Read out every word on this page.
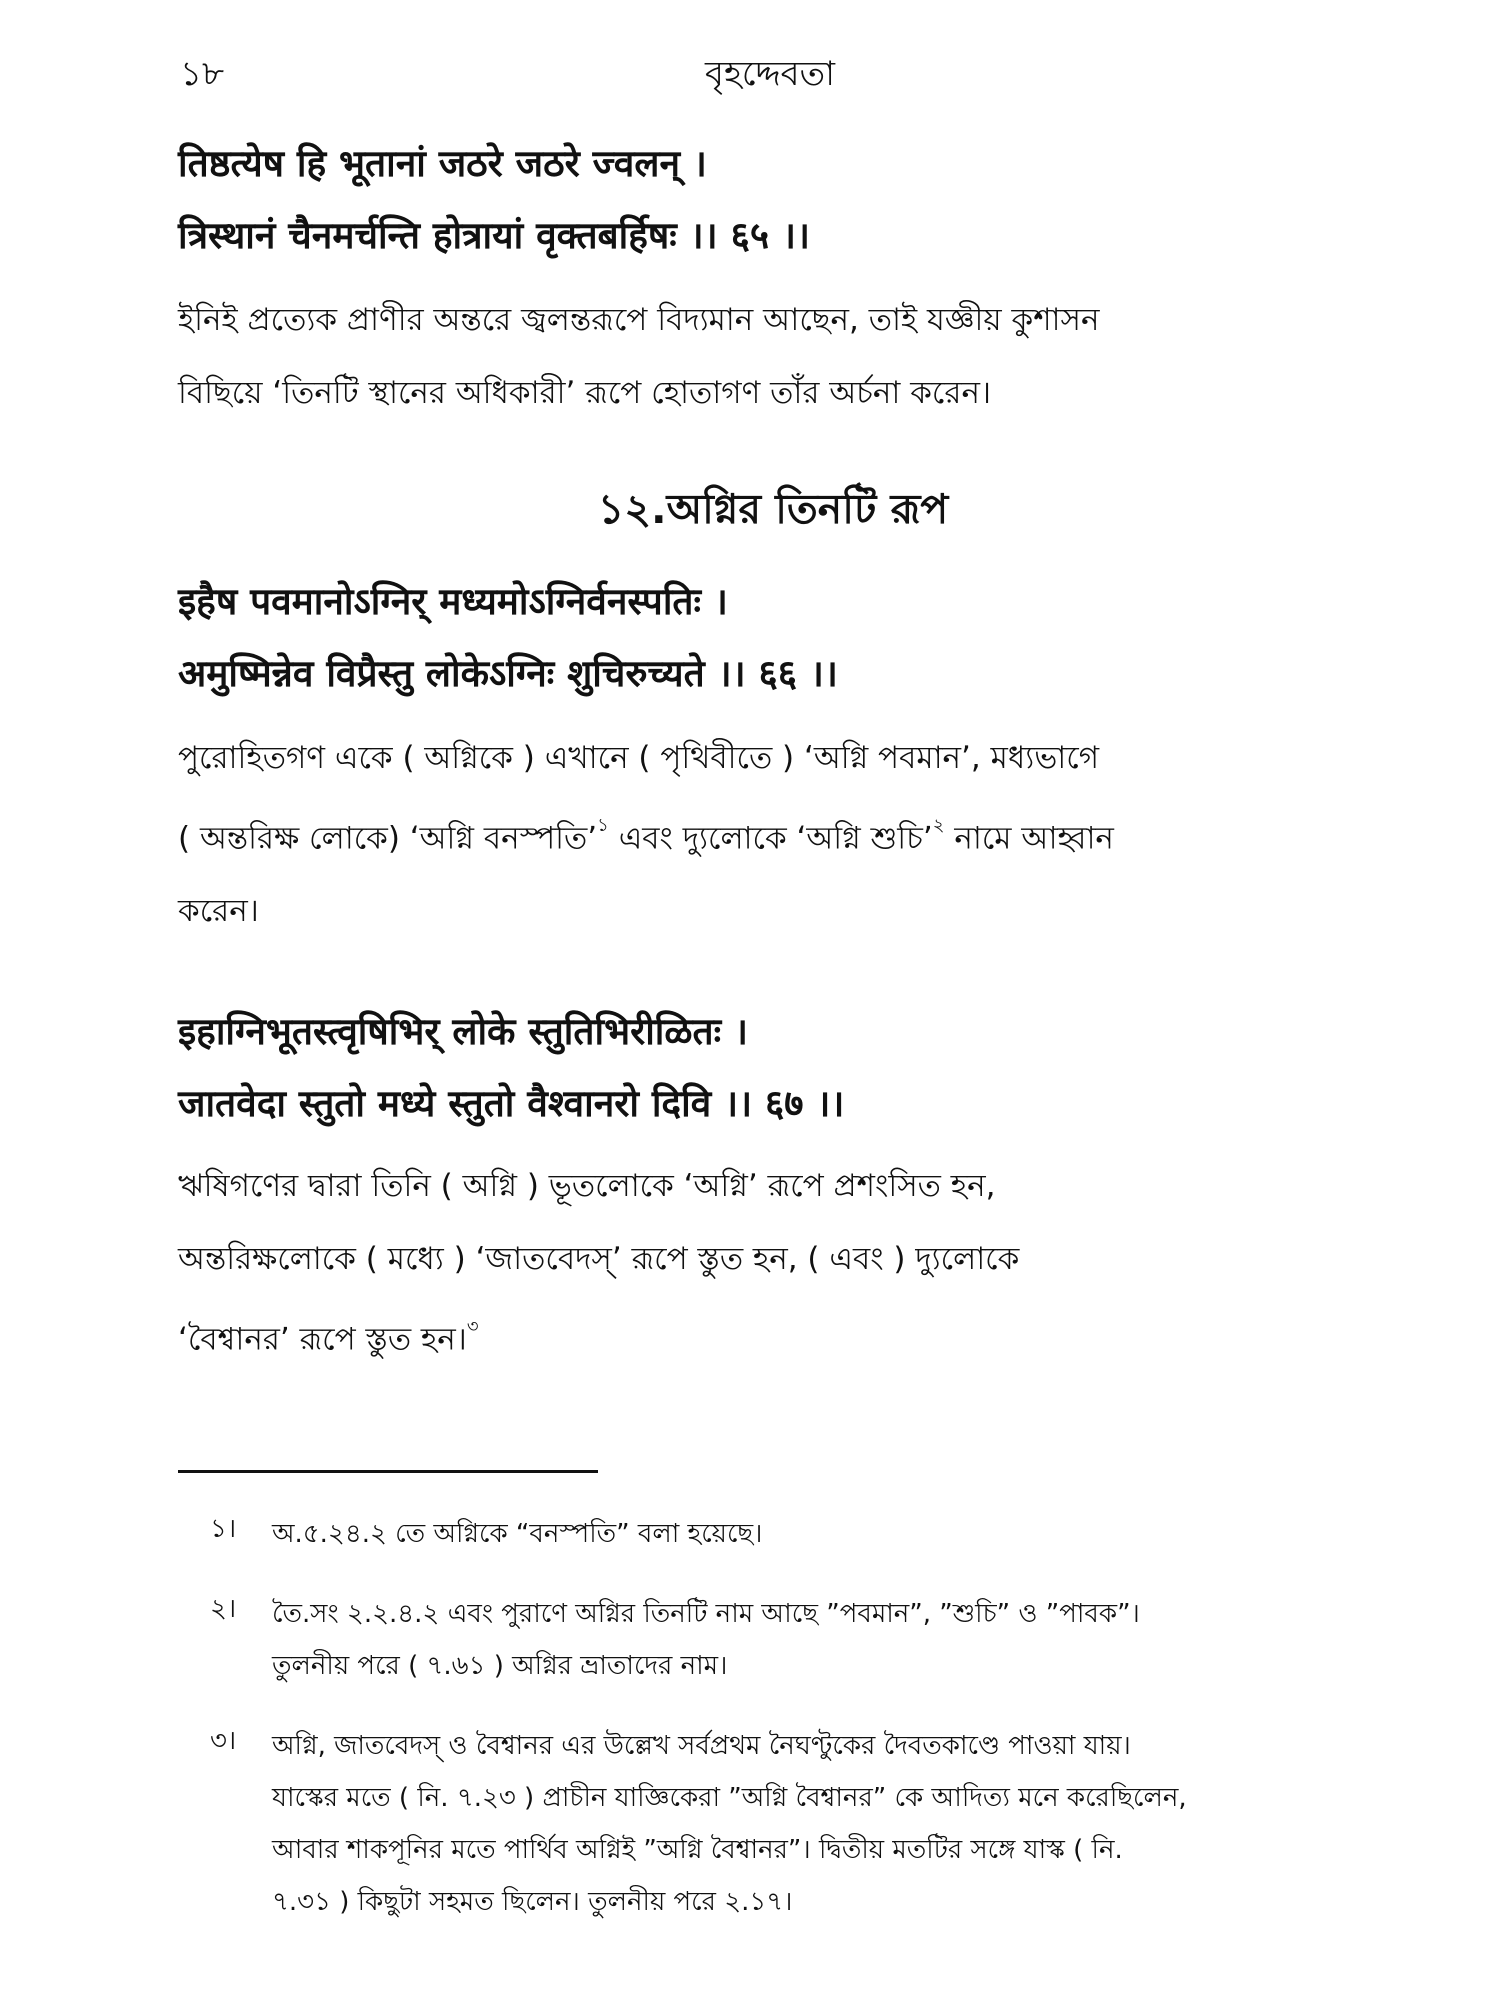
১৮	বৃহদ্দেবতা
तिष्ठत्येष हि भूतानां जठरे जठरे ज्वलन् ।
त्रिस्थानं चैनमर्चन्ति होत्रायां वृक्तबर्हिषः ।। ६५ ।।
ইনিই প্রত্যেক প্রাণীর অন্তরে জ্বলন্তরূপে বিদ্যমান আছেন, তাই যজ্ঞীয় কুশাসন
বিছিয়ে ‘তিনটি স্থানের অধিকারী’ রূপে হোতাগণ তাঁর অর্চনা করেন।
১২.অগ্নির তিনটি রূপ
इहैष पवमानोऽग्निर् मध्यमोऽग्निर्वनस्पतिः ।
अमुष्मिन्नेव विप्रैस्तु लोकेऽग्निः शुचिरुच्यते ।। ६६ ।।
পুরোহিতগণ একে ( অগ্নিকে ) এখানে ( পৃথিবীতে ) ‘অগ্নি পবমান’, মধ্যভাগে
( অন্তরিক্ষ লোকে) ‘অগ্নি বনস্পতি’$^১$ এবং দ্যুলোকে ‘অগ্নি শুচি’$^২$ নামে আহ্বান
করেন।
इहाग्निभूतस्त्वृषिभिर् लोके स्तुतिभिरीळितः ।
जातवेदा स्तुतो मध्ये स्तुतो वैश्वानरो दिवि ।। ६७ ।।
ঋষিগণের দ্বারা তিনি ( অগ্নি ) ভূতলোকে ‘অগ্নি’ রূপে প্রশংসিত হন,
অন্তরিক্ষলোকে ( মধ্যে ) ‘জাতবেদস্’ রূপে স্তুত হন, ( এবং ) দ্যুলোকে
‘বৈশ্বানর’ রূপে স্তুত হন।$^৩$
১। অ.৫.২৪.২ তে অগ্নিকে “বনস্পতি” বলা হয়েছে।
২। তৈ.সং ২.২.৪.২ এবং পুরাণে অগ্নির তিনটি নাম আছে ”পবমান”, ”শুচি” ও ”পাবক”।
তুলনীয় পরে ( ৭.৬১ ) অগ্নির ভ্রাতাদের নাম।
৩। অগ্নি, জাতবেদস্ ও বৈশ্বানর এর উল্লেখ সর্বপ্রথম নৈঘণ্টুকের দৈবতকাণ্ডে পাওয়া যায়।
যাস্কের মতে ( নি. ৭.২৩ ) প্রাচীন যাজ্ঞিকেরা ”অগ্নি বৈশ্বানর” কে আদিত্য মনে করেছিলেন,
আবার শাকপূনির মতে পার্থিব অগ্নিই ”অগ্নি বৈশ্বানর”। দ্বিতীয় মতটির সঙ্গে যাস্ক ( নি.
৭.৩১ ) কিছুটা সহমত ছিলেন। তুলনীয় পরে ২.১৭।
